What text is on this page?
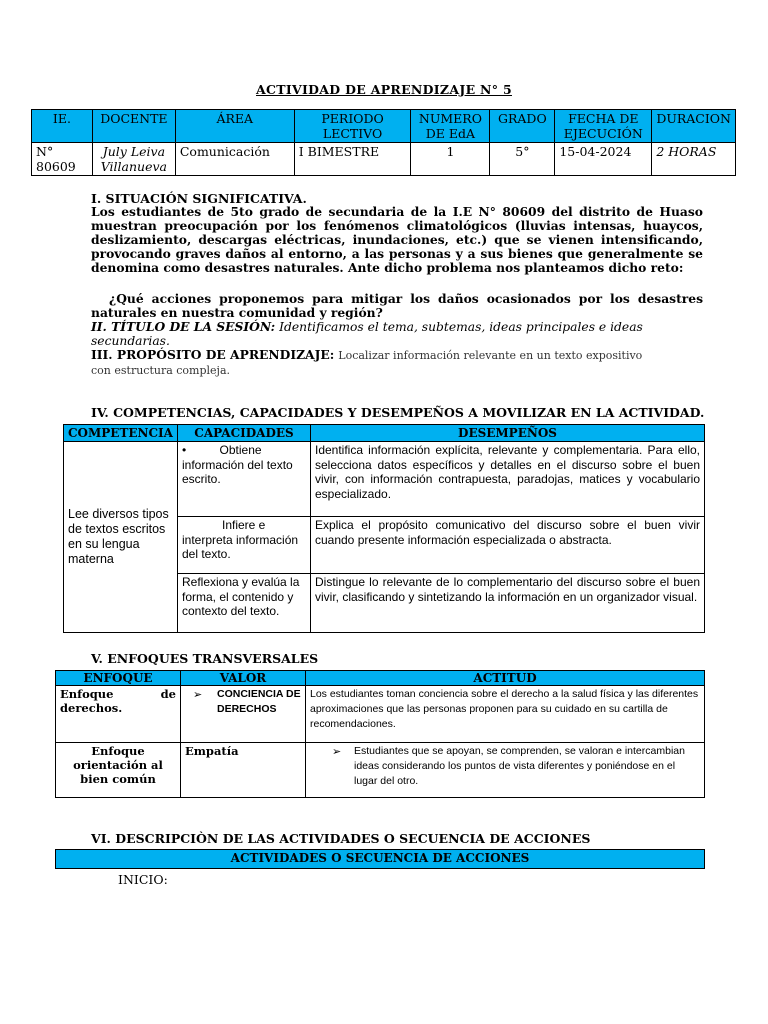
ACTIVIDAD DE APRENDIZAJE N° 5
IE.	DOCENTE	ÁREA	PERIODO LECTIVO	NUMERO DE EdA	GRADO	FECHA DE EJECUCIÓN	DURACION
N° 80609	July Leiva Villanueva	Comunicación	I BIMESTRE	1	5°	15-04-2024	2 HORAS
I. SITUACIÓN SIGNIFICATIVA.
Los estudiantes de 5to grado de secundaria de la I.E N° 80609 del distrito de Huaso muestran preocupación por los fenómenos climatológicos (lluvias intensas, huaycos, deslizamiento, descargas eléctricas, inundaciones, etc.) que se vienen intensificando, provocando graves daños al entorno, a las personas y a sus bienes que generalmente se denomina como desastres naturales. Ante dicho problema nos planteamos dicho reto:
¿Qué acciones proponemos para mitigar los daños ocasionados por los desastres naturales en nuestra comunidad y región?
II. TÍTULO DE LA SESIÓN: Identificamos el tema, subtemas, ideas principales e ideas secundarias.
III. PROPÓSITO DE APRENDIZAJE: Localizar información relevante en un texto expositivo con estructura compleja.
IV. COMPETENCIAS, CAPACIDADES Y DESEMPEÑOS A MOVILIZAR EN LA ACTIVIDAD.
COMPETENCIA	CAPACIDADES	DESEMPEÑOS
Lee diversos tipos de textos escritos en su lengua materna	•          Obtiene información del texto escrito.	Identifica información explícita, relevante y complementaria. Para ello, selecciona datos específicos y detalles en el discurso sobre el buen vivir, con información contrapuesta, paradojas, matices y vocabulario especializado.
	Infiere e interpreta información del texto.	Explica el propósito comunicativo del discurso sobre el buen vivir cuando presente información especializada o abstracta.
	Reflexiona y evalúa la forma, el contenido y contexto del texto.	Distingue lo relevante de lo complementario del discurso sobre el buen vivir, clasificando y sintetizando la información en un organizador visual.
V. ENFOQUES TRANSVERSALES
ENFOQUE	VALOR	ACTITUD
Enfoque de derechos.	➢ CONCIENCIA DE DERECHOS	Los estudiantes toman conciencia sobre el derecho a la salud física y las diferentes aproximaciones que las personas proponen para su cuidado en su cartilla de recomendaciones.
Enfoque orientación al bien común	Empatía	➢ Estudiantes que se apoyan, se comprenden, se valoran e intercambian ideas considerando los puntos de vista diferentes y poniéndose en el lugar del otro.
VI. DESCRIPCIÒN DE LAS ACTIVIDADES O SECUENCIA DE ACCIONES
ACTIVIDADES O SECUENCIA DE ACCIONES
INICIO:
